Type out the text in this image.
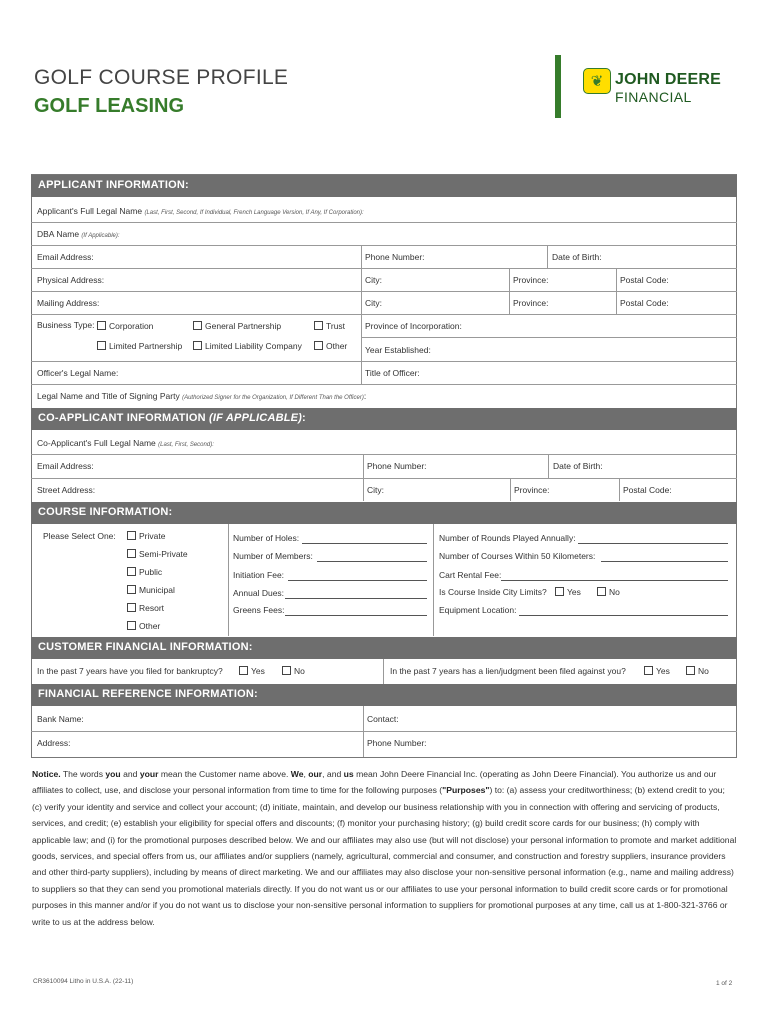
GOLF COURSE PROFILE
GOLF LEASING
❦ JOHN DEERE
FINANCIAL
APPLICANT INFORMATION:
Applicant's Full Legal Name (Last, First, Second, If Individual, French Language Version, If Any, If Corporation):
DBA Name (If Applicable):
Email Address:	Phone Number:	Date of Birth:
Physical Address:	City:	Province:	Postal Code:
Mailing Address:	City:	Province:	Postal Code:
Business Type:	Corporation	General Partnership	Trust
Limited Partnership	Limited Liability Company	Other
Province of Incorporation:
Year Established:
Officer's Legal Name:	Title of Officer:
Legal Name and Title of Signing Party (Authorized Signer for the Organization, If Different Than the Officer):
CO-APPLICANT INFORMATION (IF APPLICABLE):
Co-Applicant's Full Legal Name (Last, First, Second):
Email Address:	Phone Number:	Date of Birth:
Street Address:	City:	Province:	Postal Code:
COURSE INFORMATION:
Please Select One:	Private
Semi-Private
Public
Municipal
Resort
Other
Number of Holes:
Number of Members:
Initiation Fee:
Annual Dues:
Greens Fees:
Number of Rounds Played Annually:
Number of Courses Within 50 Kilometers:
Cart Rental Fee:
Is Course Inside City Limits?	Yes	No
Equipment Location:
CUSTOMER FINANCIAL INFORMATION:
In the past 7 years have you filed for bankruptcy?	Yes	No	In the past 7 years has a lien/judgment been filed against you?	Yes	No
FINANCIAL REFERENCE INFORMATION:
Bank Name:	Contact:
Address:	Phone Number:
Notice. The words you and your mean the Customer name above. We, our, and us mean John Deere Financial Inc. (operating as John Deere Financial). You authorize us and our affiliates to collect, use, and disclose your personal information from time to time for the following purposes ("Purposes") to: (a) assess your creditworthiness; (b) extend credit to you; (c) verify your identity and service and collect your account; (d) initiate, maintain, and develop our business relationship with you in connection with offering and servicing of products, services, and credit; (e) establish your eligibility for special offers and discounts; (f) monitor your purchasing history; (g) build credit score cards for our business; (h) comply with applicable law; and (i) for the promotional purposes described below. We and our affiliates may also use (but will not disclose) your personal information to promote and market additional goods, services, and special offers from us, our affiliates and/or suppliers (namely, agricultural, commercial and consumer, and construction and forestry suppliers, insurance providers and other third-party suppliers), including by means of direct marketing. We and our affiliates may also disclose your non-sensitive personal information (e.g., name and mailing address) to suppliers so that they can send you promotional materials directly. If you do not want us or our affiliates to use your personal information to build credit score cards or for promotional purposes in this manner and/or if you do not want us to disclose your non-sensitive personal information to suppliers for promotional purposes at any time, call us at 1-800-321-3766 or write to us at the address below.
CR3610094 Litho in U.S.A. (22-11)	1 of 2
